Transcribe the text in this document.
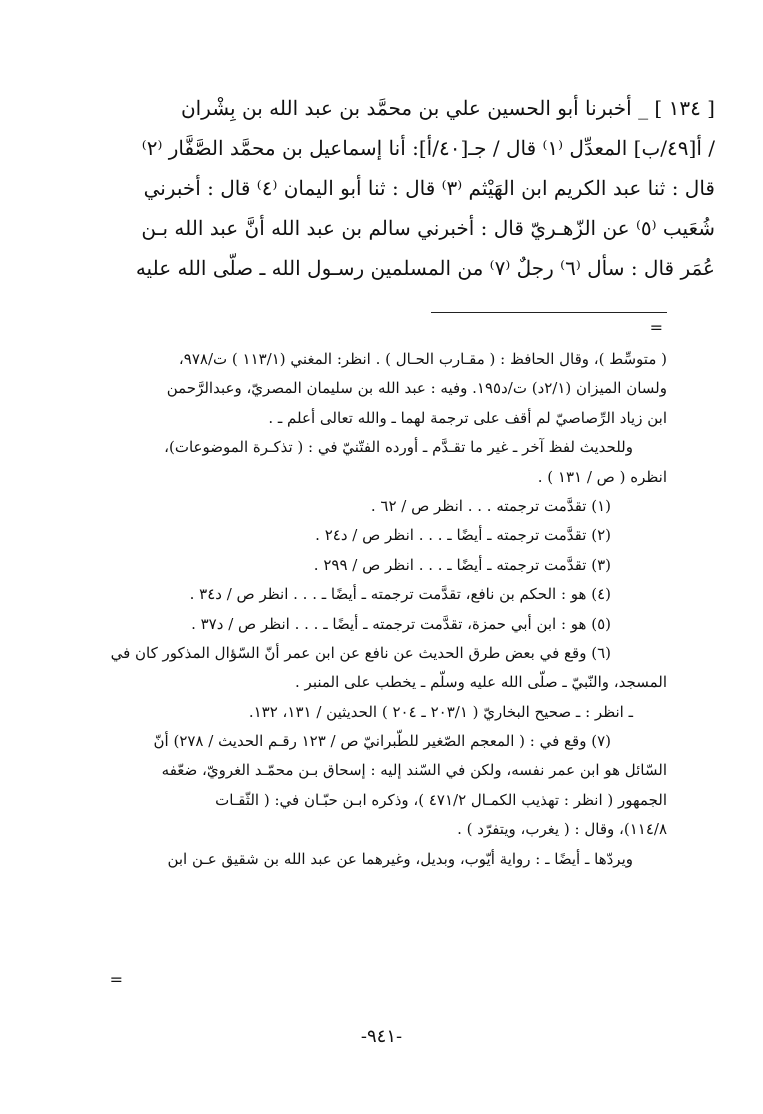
[ ١٣٤ ] _ أخبرنا أبو الحسين علي بن محمَّد بن عبد الله بن بِشْران
/ أ[٤٩/ب] المعدِّل ⁽١⁾ قال / جـ[٤٠/أ]: أنا إسماعيل بن محمَّد الصَّفَّار ⁽٢⁾
قال : ثنا عبد الكريم ابن الهَيْثم ⁽٣⁾ قال : ثنا أبو اليمان ⁽٤⁾ قال : أخبرني
شُعَيب ⁽٥⁾ عن الزّهـريّ قال : أخبرني سالم بن عبد الله أنَّ عبد الله بـن
عُمَر قال : سأل ⁽٦⁾ رجلٌ ⁽٧⁾ من المسلمين رسـول الله ـ صلّى الله عليه
=
( متوسِّط )، وقال الحافظ : ( مقـارب الحـال ) . انظر: المغني (١١٣/١ ) ت/٩٧٨،
ولسان الميزان (٢/١د) ت/د١٩٥. وفيه : عبد الله بن سليمان المصريّ، وعبدالرَّحمن
ابن زياد الرِّصاصيّ لم أقف على ترجمة لهما ـ والله تعالى أعلم ـ .
وللحديث لفظ آخر ـ غير ما تقـدَّم ـ أورده الفتّنيّ في : ( تذكـرة الموضوعات)،
انظره ( ص / ١٣١ ) .
(١) تقدَّمت ترجمته . . . انظر ص / ٦٢ .
(٢) تقدَّمت ترجمته ـ أيضًا ـ . . . انظر ص / د٢٤ .
(٣) تقدَّمت ترجمته ـ أيضًا ـ . . . انظر ص / ٢٩٩ .
(٤) هو : الحكم بن نافع، تقدَّمت ترجمته ـ أيضًا ـ . . . انظر ص / د٣٤ .
(٥) هو : ابن أبي حمزة، تقدَّمت ترجمته ـ أيضًا ـ . . . انظر ص / د٣٧ .
(٦) وقع في بعض طرق الحديث عن نافع عن ابن عمر أنّ السّؤال المذكور كان في
المسجد، والنّبيّ ـ صلّى الله عليه وسلّم ـ يخطب على المنبر .
ـ انظر : ـ صحيح البخاريّ ( ٢٠٣/١ ـ ٢٠٤ ) الحديثين / ١٣١، ١٣٢.
(٧) وقع في : ( المعجم الصّغير للطّبرانيّ ص / ١٢٣ رقـم الحديث / ٢٧٨) أنّ
السّائل هو ابن عمر نفسه، ولكن في السّند إليه : إسحاق بـن محمّـد الغرويّ، ضعّفه
الجمهور ( انظر : تهذيب الكمـال ٤٧١/٢ )، وذكره ابـن حبّـان في: ( الثّقـات
١١٤/٨)، وقال : ( يغرب، ويتفرّد ) .
ويردّها ـ أيضًا ـ : رواية أيّوب، وبديل، وغيرهما عن عبد الله بن شقيق عـن ابن
=
-٩٤١-
